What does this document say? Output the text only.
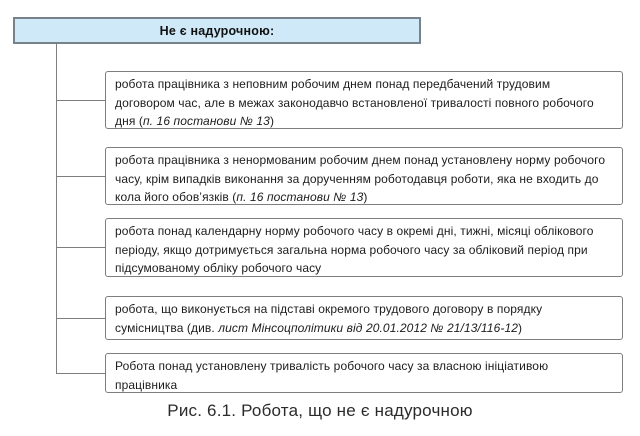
Не є надурочною:
робота працівника з неповним робочим днем понад передбачений трудовим договором час, але в межах законодавчо встановленої тривалості повного робочого дня (п. 16 постанови № 13)
робота працівника з ненормованим робочим днем понад установлену норму робочого часу, крім випадків виконання за дорученням роботодавця роботи, яка не входить до кола його обов’язків (п. 16 постанови № 13)
робота понад календарну норму робочого часу в окремі дні, тижні, місяці облікового періоду, якщо дотримується загальна норма робочого часу за обліковий період при підсумованому обліку робочого часу
робота, що виконується на підставі окремого трудового договору в порядку сумісництва (див. лист Мінсоцполітики від 20.01.2012 № 21/13/116-12)
Робота понад установлену тривалість робочого часу за власною ініціативою працівника
Рис. 6.1. Робота, що не є надурочною
